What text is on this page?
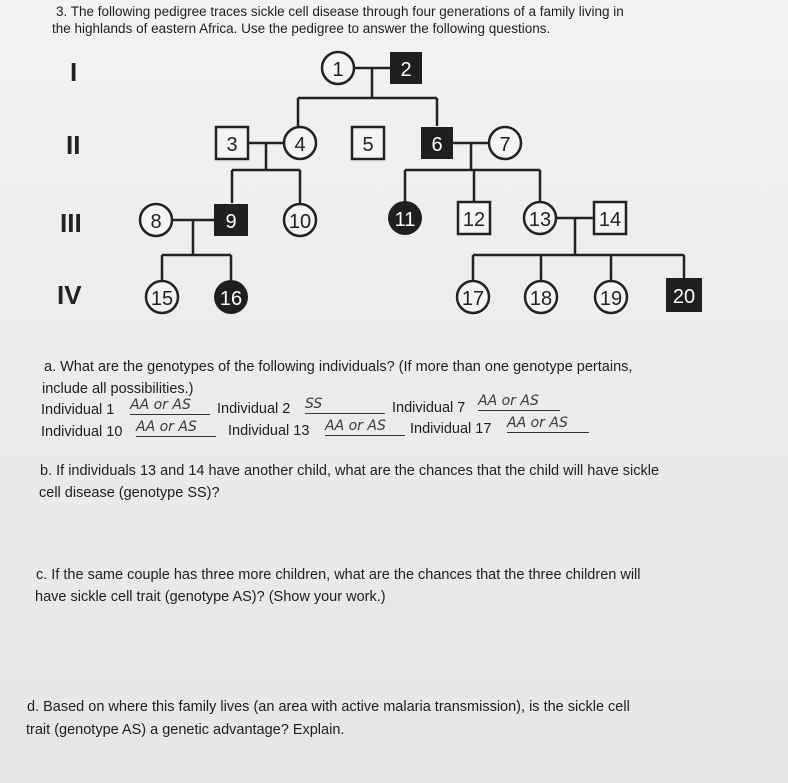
3. The following pedigree traces sickle cell disease through four generations of a family living in
the highlands of eastern Africa. Use the pedigree to answer the following questions.
I
II
III
IV
1	2
3	4	5	6	7
8	9	10	11 12 13 14
15 16	17 18 19	20
a. What are the genotypes of the following individuals? (If more than one genotype pertains,
include all possibilities.)
Individual 1 AA or AS	Individual 2 SS	Individual 7 AA or AS
Individual 10 AA or AS	Individual 13 AA or AS	Individual 17 AA or AS
b. If individuals 13 and 14 have another child, what are the chances that the child will have sickle
cell disease (genotype SS)?
c. If the same couple has three more children, what are the chances that the three children will
have sickle cell trait (genotype AS)? (Show your work.)
d. Based on where this family lives (an area with active malaria transmission), is the sickle cell
trait (genotype AS) a genetic advantage? Explain.
